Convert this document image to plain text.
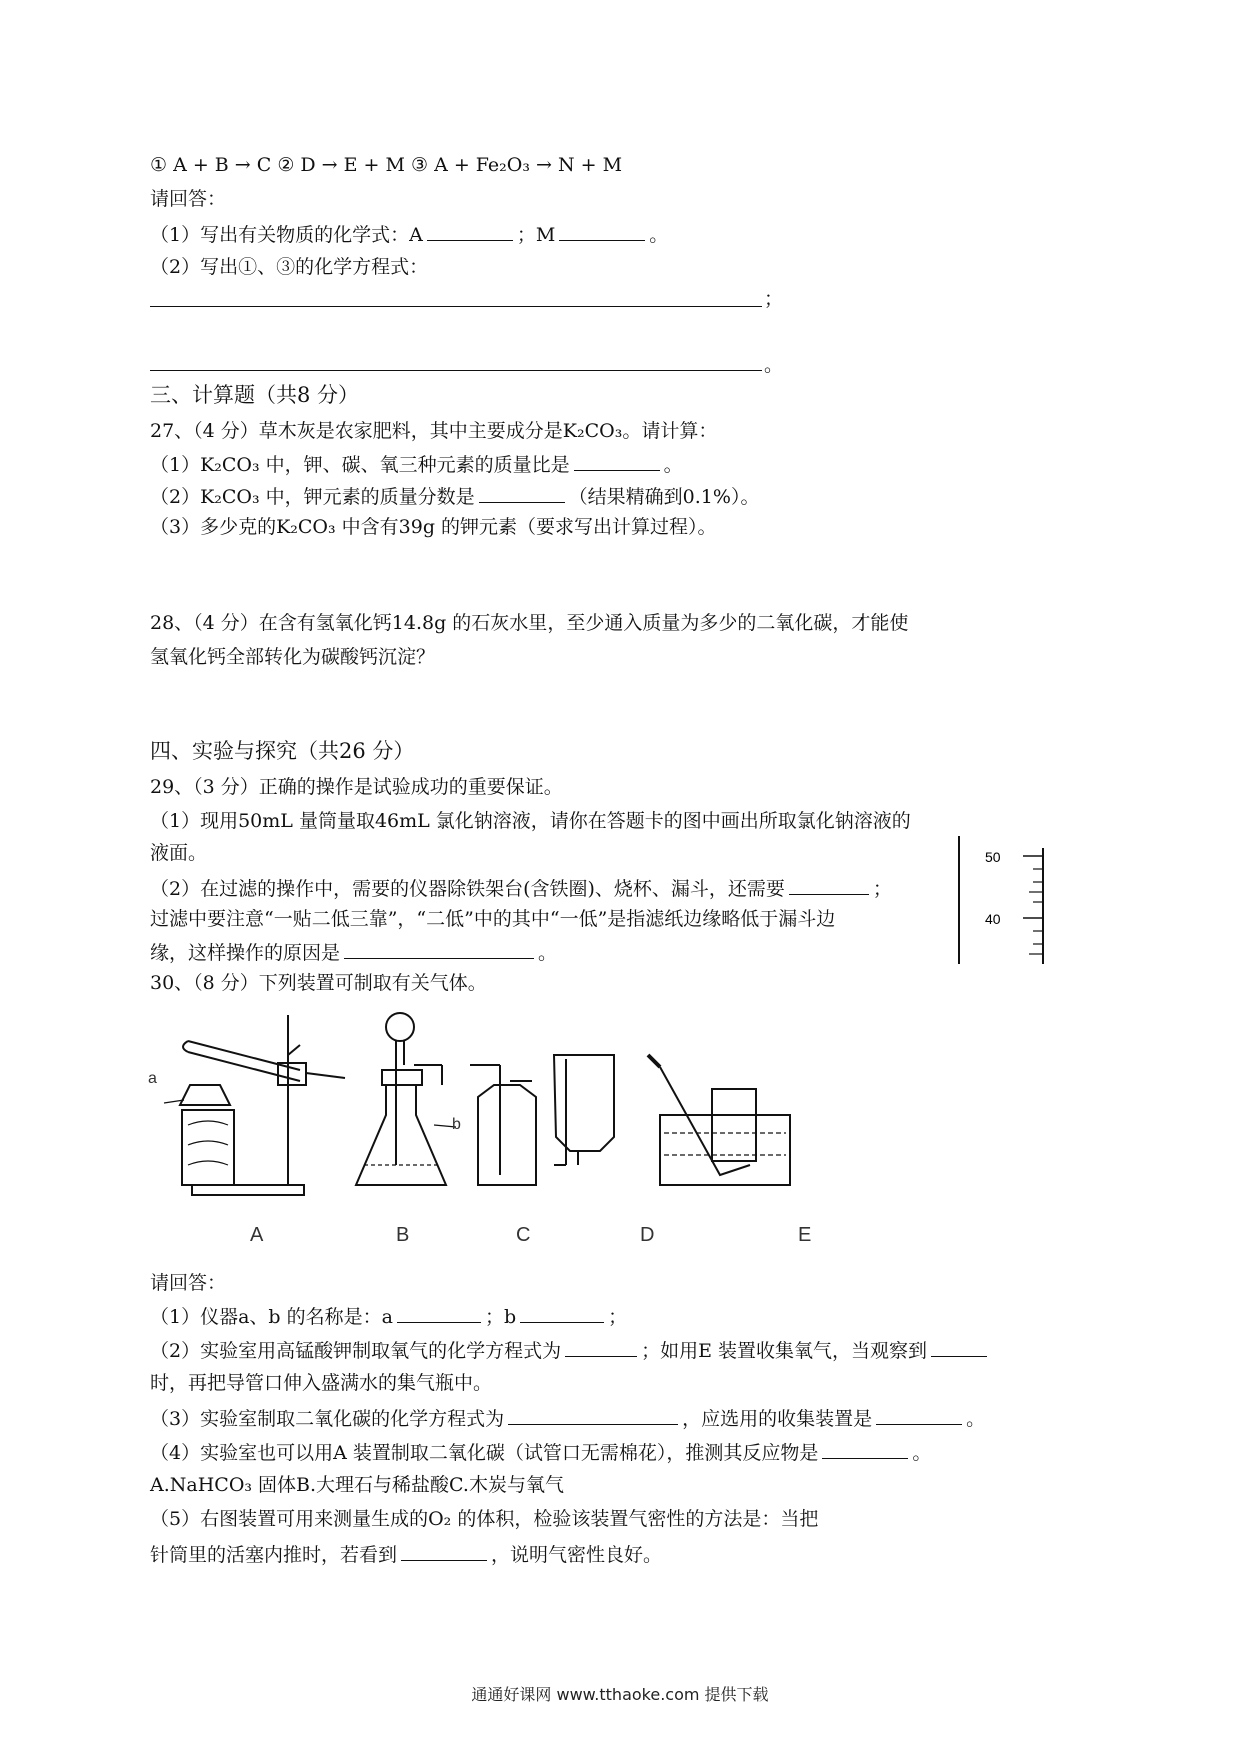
① A + B → C ② D → E + M ③ A + Fe₂O₃ → N + M
请回答：
（1）写出有关物质的化学式：A	；M	。
（2）写出①、③的化学方程式：
；
。
三、计算题（共8 分）
27、（4 分）草木灰是农家肥料，其中主要成分是K₂CO₃。请计算：
（1）K₂CO₃ 中，钾、碳、氧三种元素的质量比是	。
（2）K₂CO₃ 中，钾元素的质量分数是	（结果精确到0.1%）。
（3）多少克的K₂CO₃ 中含有39g 的钾元素（要求写出计算过程）。
28、（4 分）在含有氢氧化钙14.8g 的石灰水里，至少通入质量为多少的二氧化碳，才能使
氢氧化钙全部转化为碳酸钙沉淀？
四、实验与探究（共26 分）
29、（3 分）正确的操作是试验成功的重要保证。
（1）现用50mL 量筒量取46mL 氯化钠溶液，请你在答题卡的图中画出所取氯化钠溶液的
液面。
（2）在过滤的操作中，需要的仪器除铁架台(含铁圈)、烧杯、漏斗，还需要	；
过滤中要注意“一贴二低三靠”，“二低”中的其中“一低”是指滤纸边缘略低于漏斗边
缘，这样操作的原因是	。
50
40
30、（8 分）下列装置可制取有关气体。
a
b
A	B	C	D	E
请回答：
（1）仪器a、b 的名称是：a	；b	；
（2）实验室用高锰酸钾制取氧气的化学方程式为	；如用E 装置收集氧气，当观察到
时，再把导管口伸入盛满水的集气瓶中。
（3）实验室制取二氧化碳的化学方程式为	，应选用的收集装置是	。
（4）实验室也可以用A 装置制取二氧化碳（试管口无需棉花），推测其反应物是	。
A.NaHCO₃ 固体B.大理石与稀盐酸C.木炭与氧气
（5）右图装置可用来测量生成的O₂ 的体积，检验该装置气密性的方法是：当把
针筒里的活塞内推时，若看到	，说明气密性良好。
通通好课网 www.tthaoke.com 提供下载
